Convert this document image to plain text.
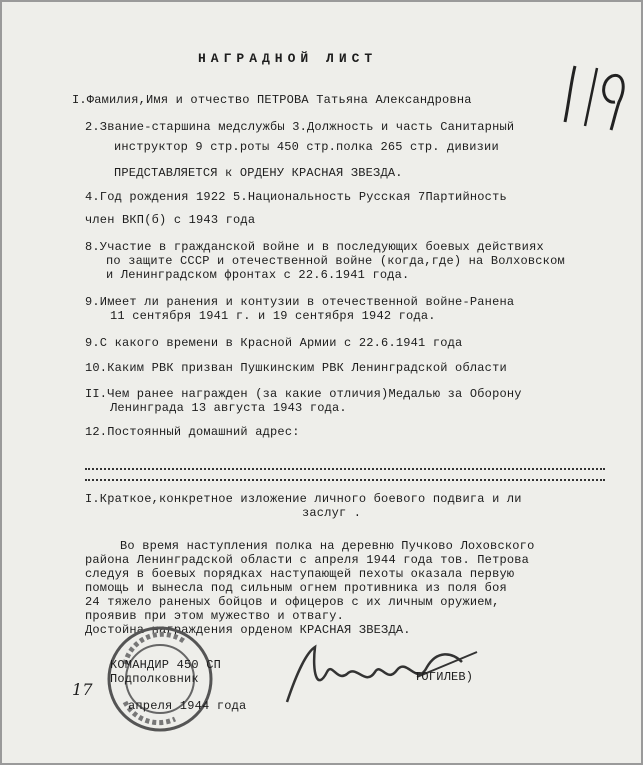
НАГРАДНОЙ ЛИСТ
I.Фамилия,Имя и отчество ПЕТРОВА Татьяна Александровна
2.Звание-старшина медслужбы 3.Должность и часть Санитарный
инструктор 9 стр.роты 450 стр.полка 265 стр. дивизии
ПРЕДСТАВЛЯЕТСЯ к ОРДЕНУ КРАСНАЯ ЗВЕЗДА.
4.Год рождения 1922 5.Национальность Русская 7Партийность
член ВКП(б) с 1943 года
8.Участие в гражданской войне и в последующих боевых действиях
по защите СССР и отечественной войне (когда,где) на Волховском
и Ленинградском фронтах с 22.6.1941 года.
9.Имеет ли ранения и контузии в отечественной войне-Ранена
11 сентября 1941 г. и 19 сентября 1942 года.
9.С какого времени в Красной Армии с 22.6.1941 года
10.Каким РВК призван Пушкинским РВК Ленинградской области
II.Чем ранее награжден (за какие отличия)Медалью за Оборону
Ленинграда 13 августа 1943 года.
12.Постоянный домашний адрес:
I.Краткое,конкретное изложение личного боевого подвига и ли
заслуг .
Во время наступления полка на деревню Пучково Лоховского
района Ленинградской области с апреля 1944 года тов. Петрова
следуя в боевых порядках наступающей пехоты оказала первую
помощь и вынесла под сильным огнем противника из поля боя
24 тяжело раненых бойцов и офицеров с их личным оружием,
проявив при этом мужество и отвагу.
Достойна награждения орденом КРАСНАЯ ЗВЕЗДА.
КОМАНДИР 450 СП
Подполковник	ТОГИЛЕВ)
17
апреля 1944 года
